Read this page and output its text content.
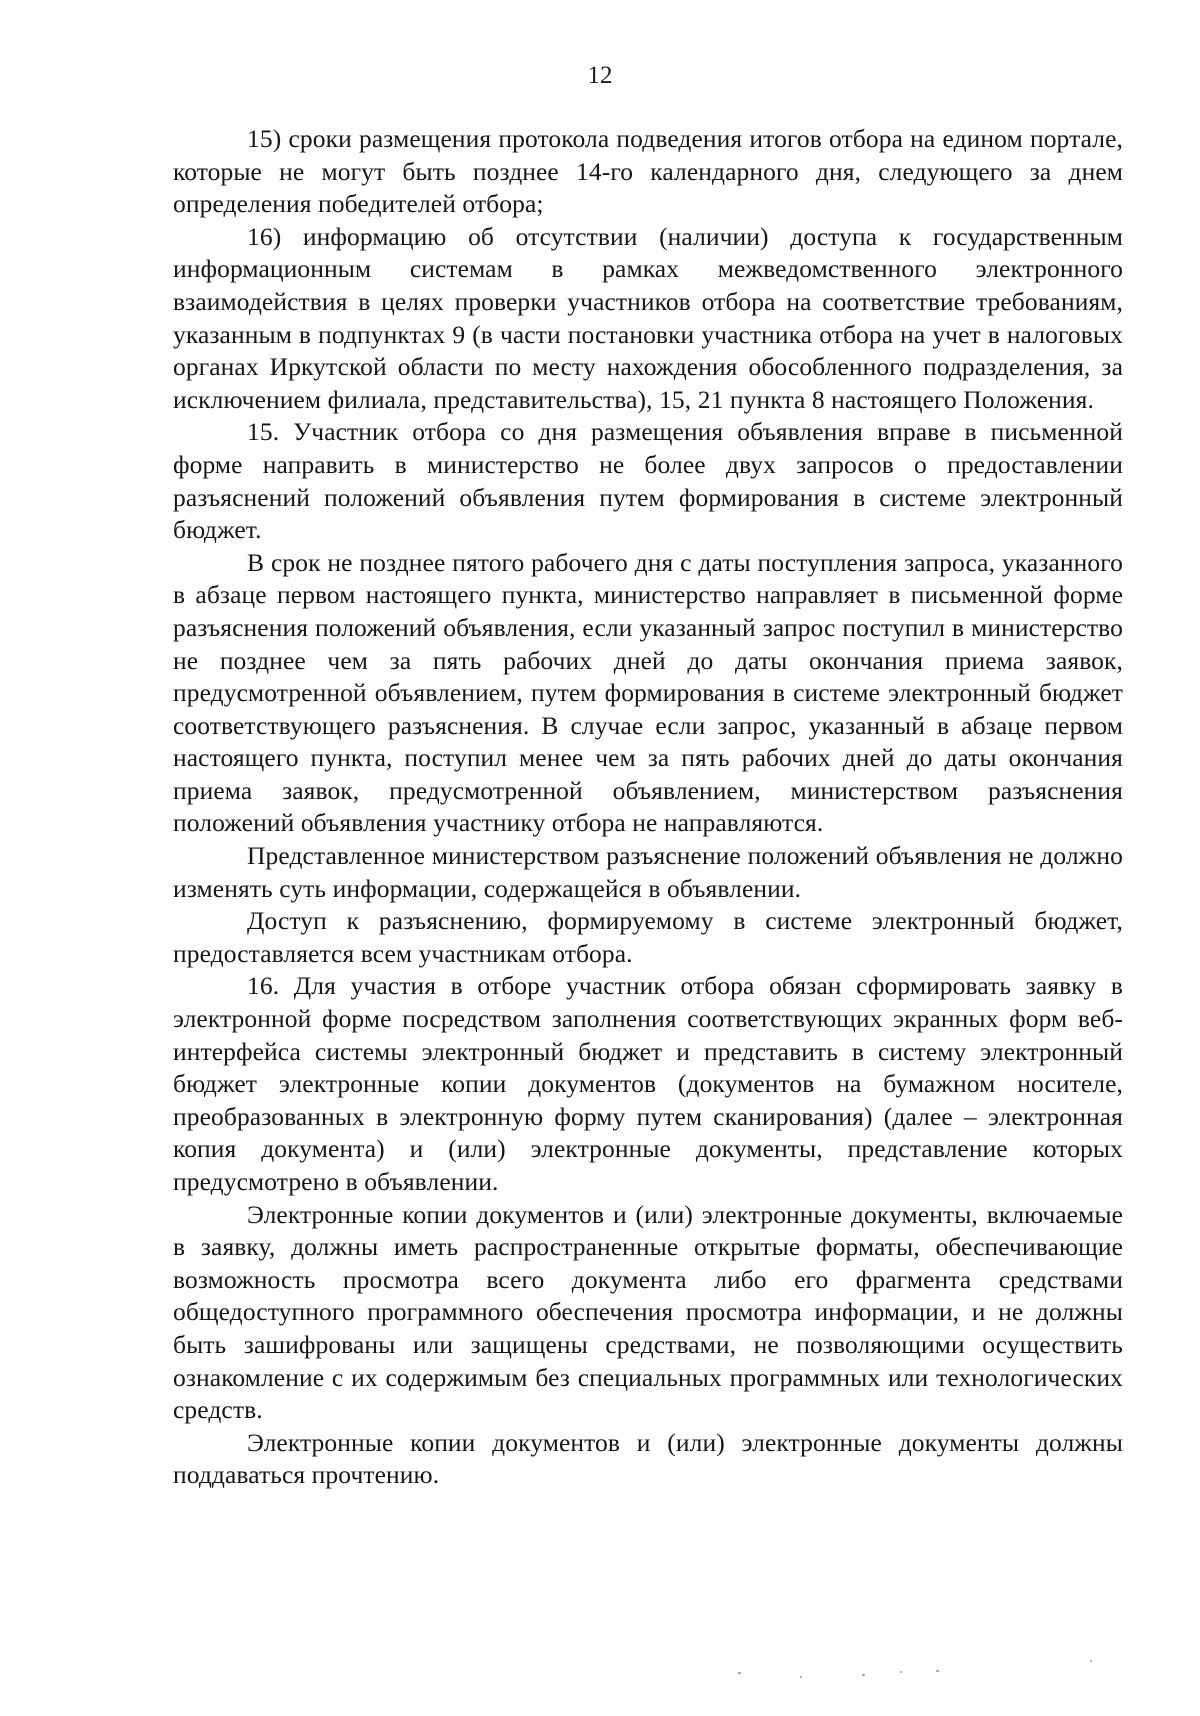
12

15) сроки размещения протокола подведения итогов отбора на едином портале, которые не могут быть позднее 14-го календарного дня, следующего за днем определения победителей отбора;

16) информацию об отсутствии (наличии) доступа к государственным информационным системам в рамках межведомственного электронного взаимодействия в целях проверки участников отбора на соответствие требованиям, указанным в подпунктах 9 (в части постановки участника отбора на учет в налоговых органах Иркутской области по месту нахождения обособленного подразделения, за исключением филиала, представительства), 15, 21 пункта 8 настоящего Положения.

15. Участник отбора со дня размещения объявления вправе в письменной форме направить в министерство не более двух запросов о предоставлении разъяснений положений объявления путем формирования в системе электронный бюджет.

В срок не позднее пятого рабочего дня с даты поступления запроса, указанного в абзаце первом настоящего пункта, министерство направляет в письменной форме разъяснения положений объявления, если указанный запрос поступил в министерство не позднее чем за пять рабочих дней до даты окончания приема заявок, предусмотренной объявлением, путем формирования в системе электронный бюджет соответствующего разъяснения. В случае если запрос, указанный в абзаце первом настоящего пункта, поступил менее чем за пять рабочих дней до даты окончания приема заявок, предусмотренной объявлением, министерством разъяснения положений объявления участнику отбора не направляются.

Представленное министерством разъяснение положений объявления не должно изменять суть информации, содержащейся в объявлении.

Доступ к разъяснению, формируемому в системе электронный бюджет, предоставляется всем участникам отбора.

16. Для участия в отборе участник отбора обязан сформировать заявку в электронной форме посредством заполнения соответствующих экранных форм веб-интерфейса системы электронный бюджет и представить в систему электронный бюджет электронные копии документов (документов на бумажном носителе, преобразованных в электронную форму путем сканирования) (далее – электронная копия документа) и (или) электронные документы, представление которых предусмотрено в объявлении.

Электронные копии документов и (или) электронные документы, включаемые в заявку, должны иметь распространенные открытые форматы, обеспечивающие возможность просмотра всего документа либо его фрагмента средствами общедоступного программного обеспечения просмотра информации, и не должны быть зашифрованы или защищены средствами, не позволяющими осуществить ознакомление с их содержимым без специальных программных или технологических средств.

Электронные копии документов и (или) электронные документы должны поддаваться прочтению.
